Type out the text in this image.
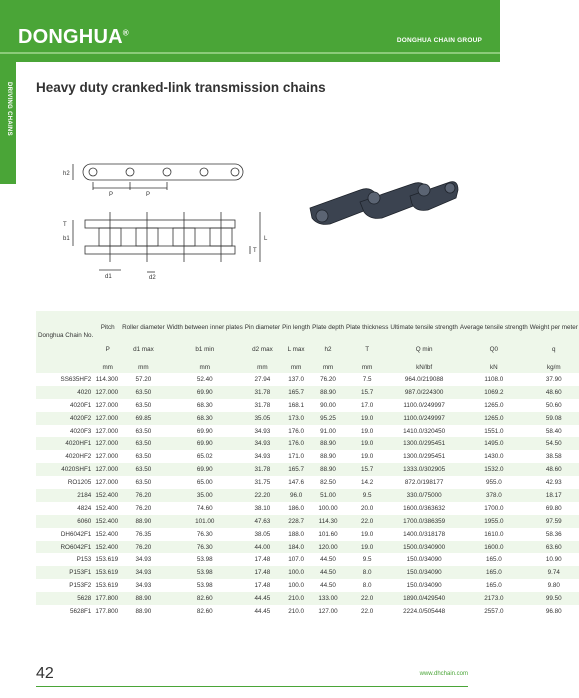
DONGHUA®
DONGHUA CHAIN GROUP
DRIVING CHAINS Heavy duty cranked-link transmission chains
h2
P	P
T
b1	L
T
d1	d2
Donghua Chain No.	Pitch	Roller diameter	Width between inner plates	Pin diameter	Pin length	Plate depth	Plate thickness	Ultimate tensile strength	Average tensile strength	Weight per meter
	P	d1 max	b1 min	d2 max	L max	h2	T	Q min	Q0	q
	mm	mm	mm	mm	mm	mm	mm	kN/lbf	kN	kg/m
SS635HF2	114.300	57.20	52.40	27.94	137.0	76.20	7.5	964.0/219088	1108.0	37.90
4020	127.000	63.50	69.90	31.78	165.7	88.90	15.7	987.0/224300	1069.2	48.60
4020F1	127.000	63.50	68.30	31.78	168.1	90.00	17.0	1100.0/249997	1265.0	50.60
4020F2	127.000	69.85	68.30	35.05	173.0	95.25	19.0	1100.0/249997	1265.0	59.08
4020F3	127.000	63.50	69.90	34.93	176.0	91.00	19.0	1410.0/320450	1551.0	58.40
4020HF1	127.000	63.50	69.90	34.93	176.0	88.90	19.0	1300.0/295451	1495.0	54.50
4020HF2	127.000	63.50	65.02	34.93	171.0	88.90	19.0	1300.0/295451	1430.0	38.58
4020SHF1	127.000	63.50	69.90	31.78	165.7	88.90	15.7	1333.0/302905	1532.0	48.60
RO1205	127.000	63.50	65.00	31.75	147.6	82.50	14.2	872.0/198177	955.0	42.93
2184	152.400	76.20	35.00	22.20	96.0	51.00	9.5	330.0/75000	378.0	18.17
4824	152.400	76.20	74.60	38.10	186.0	100.00	20.0	1600.0/363632	1700.0	69.80
6060	152.400	88.90	101.00	47.63	228.7	114.30	22.0	1700.0/386359	1955.0	97.59
DH6042F1	152.400	76.35	76.30	38.05	188.0	101.60	19.0	1400.0/318178	1610.0	58.36
RO6042F1	152.400	76.20	76.30	44.00	184.0	120.00	19.0	1500.0/340900	1600.0	63.60
P153	153.619	34.93	53.98	17.48	107.0	44.50	9.5	150.0/34090	165.0	10.90
P153F1	153.619	34.93	53.98	17.48	100.0	44.50	8.0	150.0/34090	165.0	9.74
P153F2	153.619	34.93	53.98	17.48	100.0	44.50	8.0	150.0/34090	165.0	9.80
5628	177.800	88.90	82.60	44.45	210.0	133.00	22.0	1890.0/429540	2173.0	99.50
5628F1	177.800	88.90	82.60	44.45	210.0	127.00	22.0	2224.0/505448	2557.0	96.80
42	www.dhchain.com
